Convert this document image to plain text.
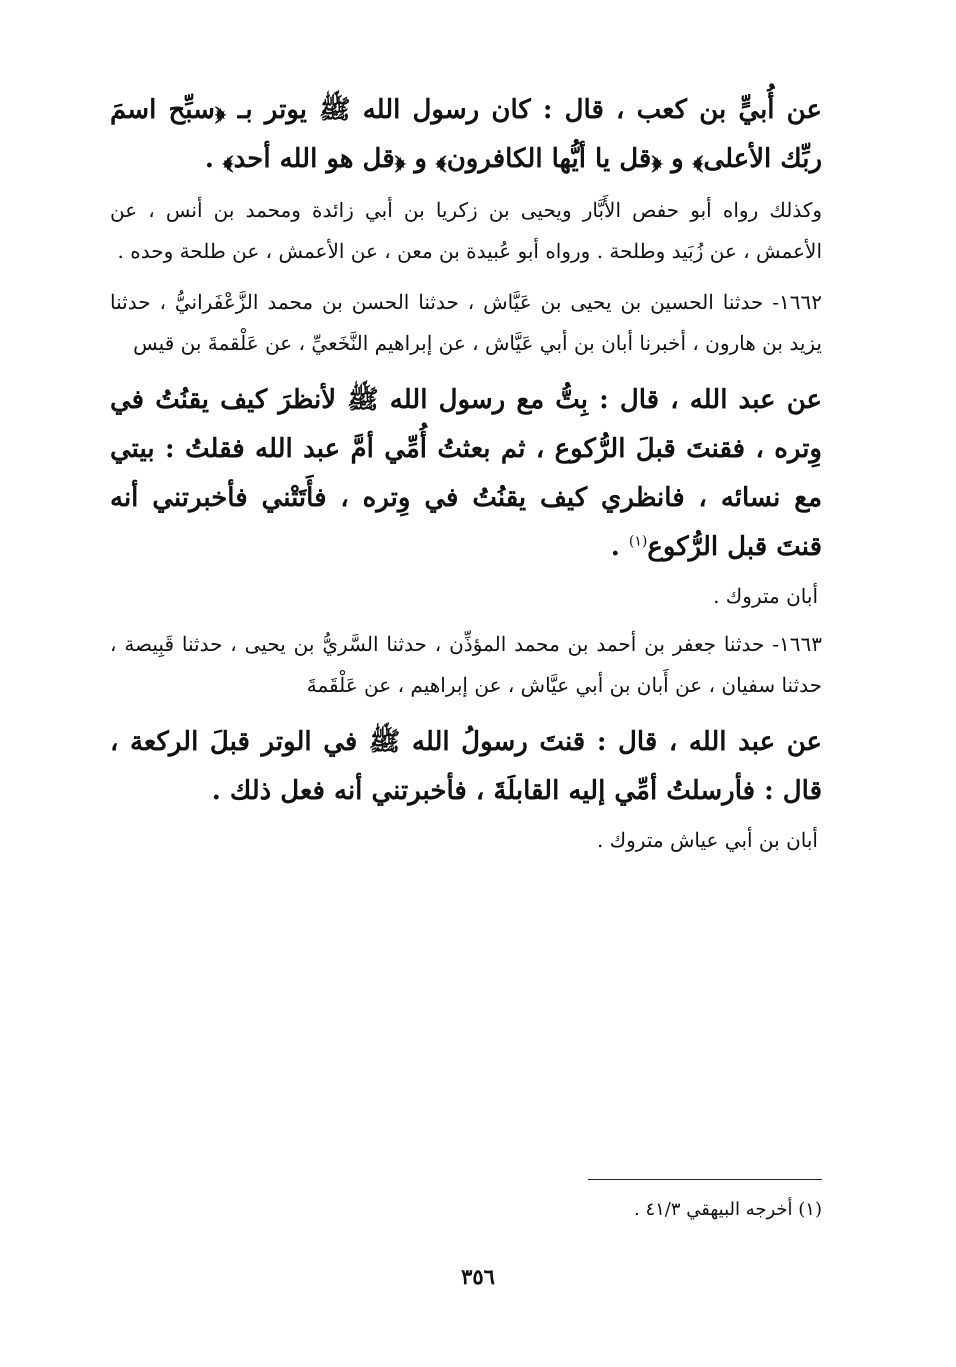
عن أُبيٍّ بن كعب ، قال : كان رسول الله ﷺ يوتر بـ ﴿سبِّح اسمَ ربِّك الأعلى﴾ و ﴿قل يا أيُّها الكافرون﴾ و ﴿قل هو الله أحد﴾ .

وكذلك رواه أبو حفص الأَبَّار ويحيى بن زكريا بن أبي زائدة ومحمد بن أنس ، عن الأعمش ، عن زُبَيد وطلحة . ورواه أبو عُبيدة بن معن ، عن الأعمش ، عن طلحة وحده .

١٦٦٢- حدثنا الحسين بن يحيى بن عَيَّاش ، حدثنا الحسن بن محمد الزَّعْفَرانيُّ ، حدثنا يزيد بن هارون ، أخبرنا أبان بن أبي عَيَّاش ، عن إبراهيم النَّخَعيِّ ، عن عَلْقمةَ بن قيس

عن عبد الله ، قال : بِتُّ مع رسول الله ﷺ لأنظرَ كيف يقنُتُ في وِتره ، فقنتَ قبلَ الرُّكوع ، ثم بعثتُ أُمِّي أمَّ عبد الله فقلتُ : بيتي مع نسائه ، فانظري كيف يقنُتُ في وِتره ، فأَتَتْني فأخبرتني أنه قنتَ قبل الرُّكوع$^{(١)}$ .

أبان متروك .

١٦٦٣- حدثنا جعفر بن أحمد بن محمد المؤذِّن ، حدثنا السَّريُّ بن يحيى ، حدثنا قَبِيصة ، حدثنا سفيان ، عن أَبان بن أبي عيَّاش ، عن إبراهيم ، عن عَلْقَمةَ

عن عبد الله ، قال : قنتَ رسولُ الله ﷺ في الوتر قبلَ الركعة ، قال : فأرسلتُ أمِّي إليه القابلَةَ ، فأخبرتني أنه فعل ذلك .

أبان بن أبي عياش متروك .

(١) أخرجه البيهقي ٤١/٣ .
٣٥٦
